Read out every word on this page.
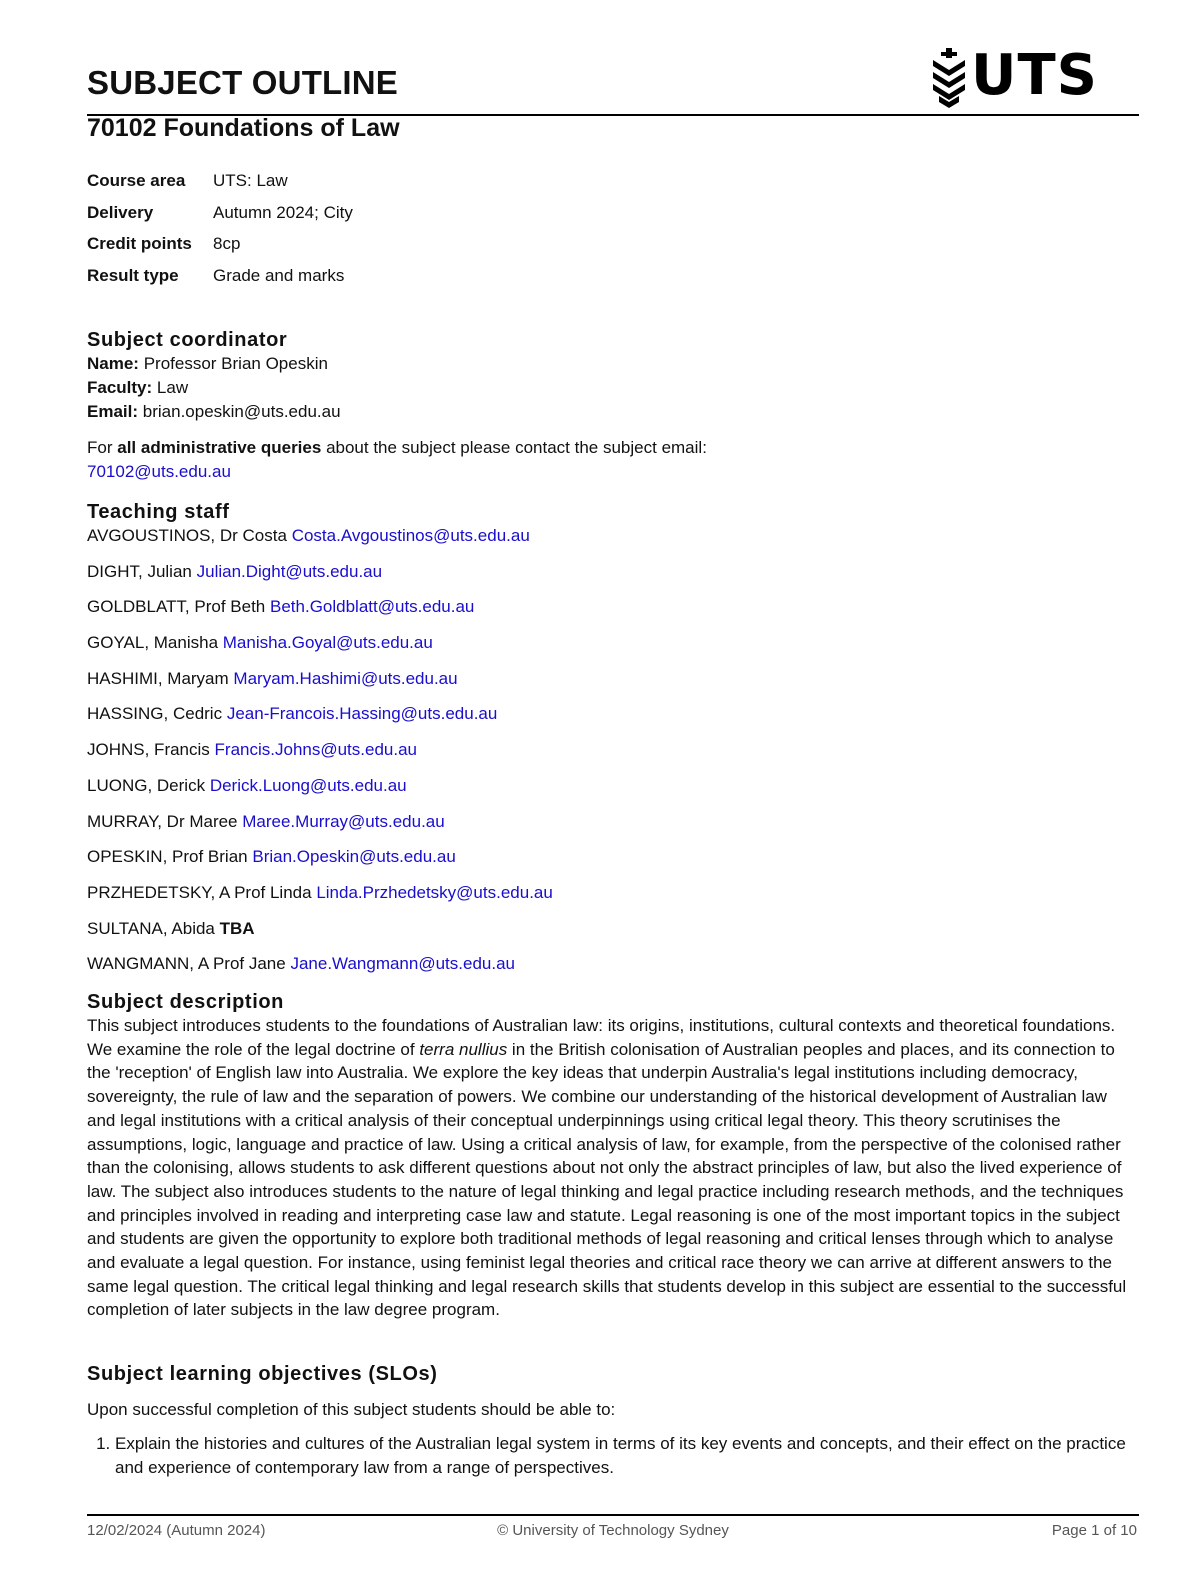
SUBJECT OUTLINE	UTS
70102 Foundations of Law
Course area	UTS: Law
Delivery	Autumn 2024; City
Credit points	8cp
Result type	Grade and marks
Subject coordinator
Name: Professor Brian Opeskin
Faculty: Law
Email: brian.opeskin@uts.edu.au
For all administrative queries about the subject please contact the subject email:
70102@uts.edu.au
Teaching staff
AVGOUSTINOS, Dr Costa Costa.Avgoustinos@uts.edu.au
DIGHT, Julian Julian.Dight@uts.edu.au
GOLDBLATT, Prof Beth Beth.Goldblatt@uts.edu.au
GOYAL, Manisha Manisha.Goyal@uts.edu.au
HASHIMI, Maryam Maryam.Hashimi@uts.edu.au
HASSING, Cedric Jean-Francois.Hassing@uts.edu.au
JOHNS, Francis Francis.Johns@uts.edu.au
LUONG, Derick Derick.Luong@uts.edu.au
MURRAY, Dr Maree Maree.Murray@uts.edu.au
OPESKIN, Prof Brian Brian.Opeskin@uts.edu.au
PRZHEDETSKY, A Prof Linda Linda.Przhedetsky@uts.edu.au
SULTANA, Abida TBA
WANGMANN, A Prof Jane Jane.Wangmann@uts.edu.au
Subject description
This subject introduces students to the foundations of Australian law: its origins, institutions, cultural contexts and theoretical foundations. We examine the role of the legal doctrine of terra nullius in the British colonisation of Australian peoples and places, and its connection to the 'reception' of English law into Australia. We explore the key ideas that underpin Australia's legal institutions including democracy, sovereignty, the rule of law and the separation of powers. We combine our understanding of the historical development of Australian law and legal institutions with a critical analysis of their conceptual underpinnings using critical legal theory. This theory scrutinises the assumptions, logic, language and practice of law. Using a critical analysis of law, for example, from the perspective of the colonised rather than the colonising, allows students to ask different questions about not only the abstract principles of law, but also the lived experience of law. The subject also introduces students to the nature of legal thinking and legal practice including research methods, and the techniques and principles involved in reading and interpreting case law and statute. Legal reasoning is one of the most important topics in the subject and students are given the opportunity to explore both traditional methods of legal reasoning and critical lenses through which to analyse and evaluate a legal question. For instance, using feminist legal theories and critical race theory we can arrive at different answers to the same legal question. The critical legal thinking and legal research skills that students develop in this subject are essential to the successful completion of later subjects in the law degree program.
Subject learning objectives (SLOs)
Upon successful completion of this subject students should be able to:
1. Explain the histories and cultures of the Australian legal system in terms of its key events and concepts, and their effect on the practice and experience of contemporary law from a range of perspectives.
12/02/2024 (Autumn 2024)	© University of Technology Sydney	Page 1 of 10
